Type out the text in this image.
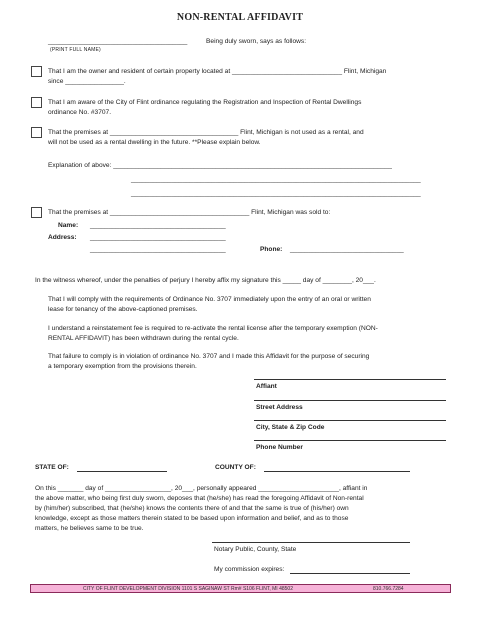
NON-RENTAL AFFIDAVIT
______________________________________	Being duly sworn, says as follows:
(PRINT FULL NAME)
That I am the owner and resident of certain property located at ______________________________ Flint, Michigan
since ________________.
That I am aware of the City of Flint ordinance regulating the Registration and Inspection of Rental Dwellings
ordinance No. #3707.
That the premises at ___________________________________ Flint, Michigan is not used as a rental, and
will not be used as a rental dwelling in the future. **Please explain below.
Explanation of above: ____________________________________________________________________________
_______________________________________________________________________________
_______________________________________________________________________________
That the premises at ______________________________________ Flint, Michigan was sold to:
Name: _____________________________________
Address: _____________________________________
_____________________________________	Phone: _______________________________
In the witness whereof, under the penalties of perjury I hereby affix my signature this _____ day of ________, 20___.
That I will comply with the requirements of Ordinance No. 3707 immediately upon the entry of an oral or written
lease for tenancy of the above-captioned premises.
I understand a reinstatement fee is required to re-activate the rental license after the temporary exemption (NON-
RENTAL AFFIDAVIT) has been withdrawn during the rental cycle.
That failure to comply is in violation of ordinance No. 3707 and I made this Affidavit for the purpose of securing
a temporary exemption from the provisions therein.
Affiant
Street Address
City, State & Zip Code
Phone Number
STATE OF:	COUNTY OF:
On this _______ day of __________________, 20___, personally appeared ______________________, affiant in
the above matter, who being first duly sworn, deposes that (he/she) has read the foregoing Affidavit of Non-rental
by (him/her) subscribed, that (he/she) knows the contents there of and that the same is true of (his/her) own
knowledge, except as those matters therein stated to be based upon information and belief, and as to those
matters, he believes same to be true.
Notary Public, County, State
My commission expires:
CITY OF FLINT DEVELOPMENT DIVISION 1101 S SAGINAW ST Rm# S106 FLINT, MI 48502	810.766.7284
